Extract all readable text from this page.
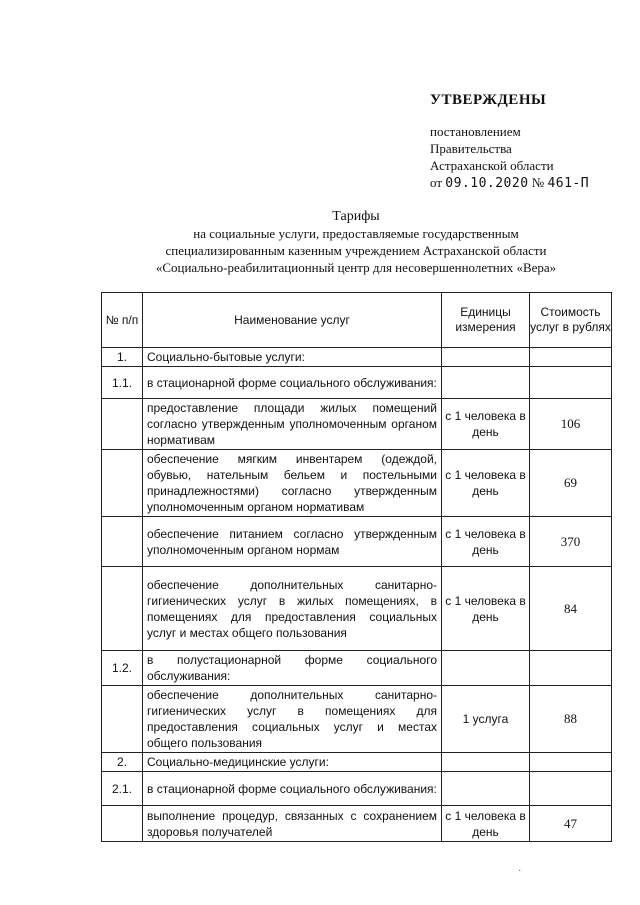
УТВЕРЖДЕНЫ
постановлением
Правительства
Астраханской области
от 09.10.2020 № 461-П
Тарифы
на социальные услуги, предоставляемые государственным
специализированным казенным учреждением Астраханской области
«Социально-реабилитационный центр для несовершеннолетних «Вера»
№ п/п	Наименование услуг	Единицы измерения	Стоимость услуг в рублях
1.	Социально-бытовые услуги:		
1.1.	в стационарной форме социального обслуживания:		
	предоставление площади жилых помещений согласно утвержденным уполномоченным органом нормативам	с 1 человека в день	106
	обеспечение мягким инвентарем (одеждой, обувью, нательным бельем и постельными принадлежностями) согласно утвержденным уполномоченным органом нормативам	с 1 человека в день	69
	обеспечение питанием согласно утвержденным уполномоченным органом нормам	с 1 человека в день	370
	обеспечение дополнительных санитарно-гигиенических услуг в жилых помещениях, в помещениях для предоставления социальных услуг и местах общего пользования	с 1 человека в день	84
1.2.	в полустационарной форме социального обслуживания:		
	обеспечение дополнительных санитарно-гигиенических услуг в помещениях для предоставления социальных услуг и местах общего пользования	1 услуга	88
2.	Социально-медицинские услуги:		
2.1.	в стационарной форме социального обслуживания:		
	выполнение процедур, связанных с сохранением здоровья получателей	с 1 человека в день	47
·
